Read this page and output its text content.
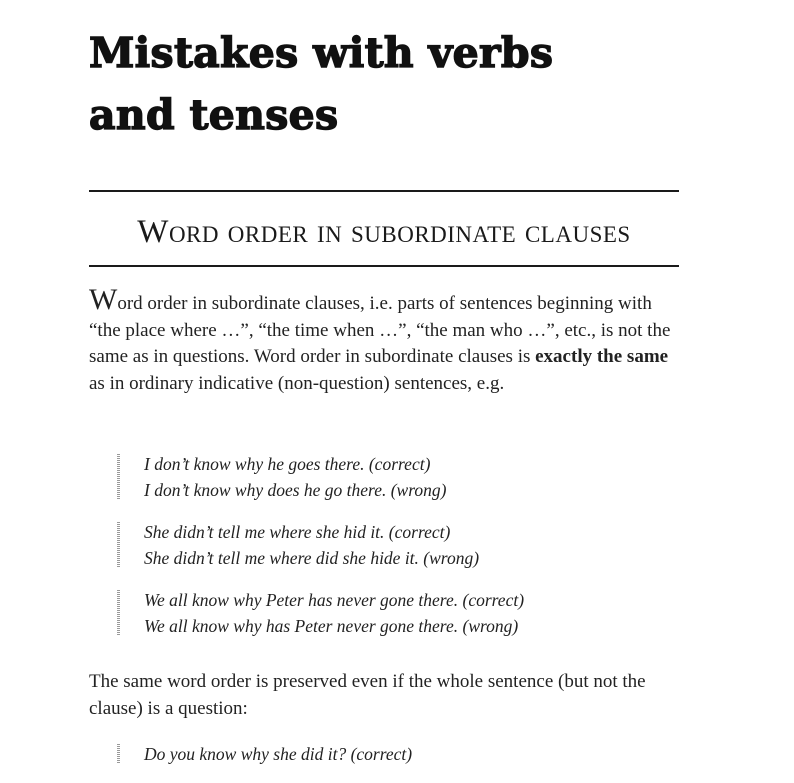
Mistakes with verbs
and tenses
Word order in subordinate clauses

Word order in subordinate clauses, i.e. parts of sentences beginning with “the place where …”, “the time when …”, “the man who …”, etc., is not the same as in questions. Word order in subordinate clauses is exactly the same as in ordinary indicative (non-question) sentences, e.g.

I don’t know why he goes there. (correct)
I don’t know why does he go there. (wrong)
She didn’t tell me where she hid it. (correct)
She didn’t tell me where did she hide it. (wrong)
We all know why Peter has never gone there. (correct)
We all know why has Peter never gone there. (wrong)

The same word order is preserved even if the whole sentence (but not the clause) is a question:

Do you know why she did it? (correct)
